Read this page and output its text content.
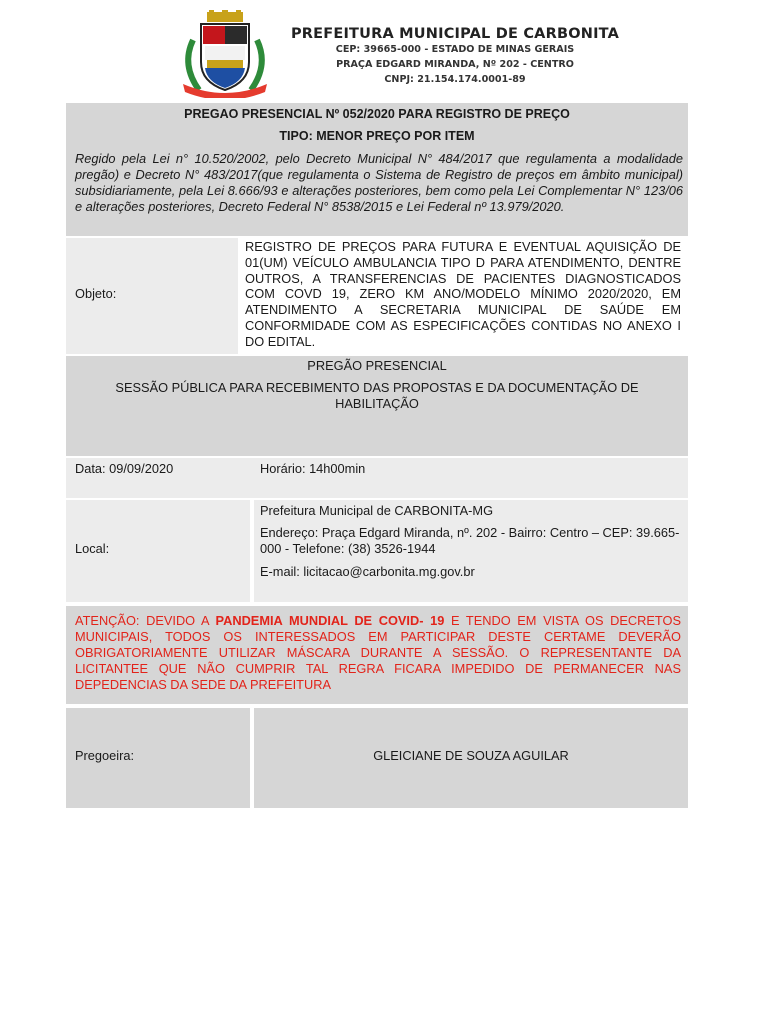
PREFEITURA MUNICIPAL DE CARBONITA
CEP: 39665-000 - ESTADO DE MINAS GERAIS
PRAÇA EDGARD MIRANDA, Nº 202 - CENTRO
CNPJ: 21.154.174.0001-89
PREGAO PRESENCIAL Nº 052/2020 PARA REGISTRO DE PREÇO
TIPO: MENOR PREÇO POR ITEM
Regido pela Lei n° 10.520/2002, pelo Decreto Municipal N° 484/2017 que regulamenta a modalidade pregão) e Decreto N° 483/2017(que regulamenta o Sistema de Registro de preços em âmbito municipal) subsidiariamente, pela Lei 8.666/93 e alterações posteriores, bem como pela Lei Complementar N° 123/06 e alterações posteriores, Decreto Federal N° 8538/2015 e Lei Federal nº 13.979/2020.
Objeto:
REGISTRO DE PREÇOS PARA FUTURA E EVENTUAL AQUISIÇÃO DE 01(UM) VEÍCULO AMBULANCIA TIPO D PARA ATENDIMENTO, DENTRE OUTROS, A TRANSFERENCIAS DE PACIENTES DIAGNOSTICADOS COM COVD 19, ZERO KM ANO/MODELO MÍNIMO 2020/2020, EM ATENDIMENTO A SECRETARIA MUNICIPAL DE SAÚDE EM CONFORMIDADE COM AS ESPECIFICAÇÕES CONTIDAS NO ANEXO I DO EDITAL.
PREGÃO PRESENCIAL
SESSÃO PÚBLICA PARA RECEBIMENTO DAS PROPOSTAS E DA DOCUMENTAÇÃO DE HABILITAÇÃO
Data: 09/09/2020	Horário: 14h00min
Local:
Prefeitura Municipal de CARBONITA-MG
Endereço: Praça Edgard Miranda, nº. 202 - Bairro: Centro – CEP: 39.665-000 - Telefone: (38) 3526-1944
E-mail: licitacao@carbonita.mg.gov.br
ATENÇÃO: DEVIDO A PANDEMIA MUNDIAL DE COVID- 19 E TENDO EM VISTA OS DECRETOS MUNICIPAIS, TODOS OS INTERESSADOS EM PARTICIPAR DESTE CERTAME DEVERÃO OBRIGATORIAMENTE UTILIZAR MÁSCARA DURANTE A SESSÃO. O REPRESENTANTE DA LICITANTEE QUE NÃO CUMPRIR TAL REGRA FICARA IMPEDIDO DE PERMANECER NAS DEPEDENCIAS DA SEDE DA PREFEITURA
Pregoeira:	GLEICIANE DE SOUZA AGUILAR
